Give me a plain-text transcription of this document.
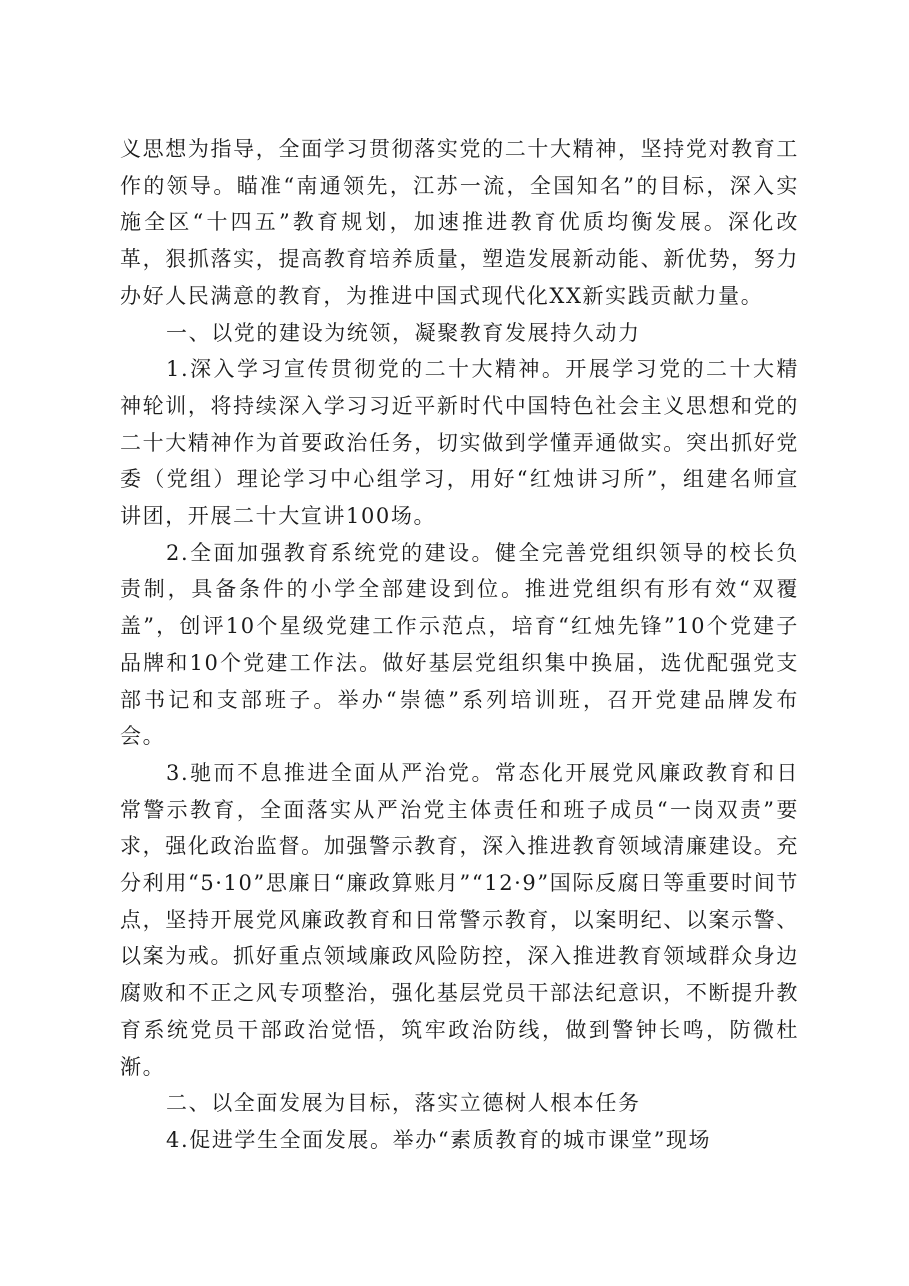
义思想为指导，全面学习贯彻落实党的二十大精神，坚持党对教育工作的领导。瞄准“南通领先，江苏一流，全国知名”的目标，深入实施全区“十四五”教育规划，加速推进教育优质均衡发展。深化改革，狠抓落实，提高教育培养质量，塑造发展新动能、新优势，努力办好人民满意的教育，为推进中国式现代化XX新实践贡献力量。

一、以党的建设为统领，凝聚教育发展持久动力

1.深入学习宣传贯彻党的二十大精神。开展学习党的二十大精神轮训，将持续深入学习习近平新时代中国特色社会主义思想和党的二十大精神作为首要政治任务，切实做到学懂弄通做实。突出抓好党委（党组）理论学习中心组学习，用好“红烛讲习所”，组建名师宣讲团，开展二十大宣讲100场。

2.全面加强教育系统党的建设。健全完善党组织领导的校长负责制，具备条件的小学全部建设到位。推进党组织有形有效“双覆盖”，创评10个星级党建工作示范点，培育“红烛先锋”10个党建子品牌和10个党建工作法。做好基层党组织集中换届，选优配强党支部书记和支部班子。举办“崇德”系列培训班，召开党建品牌发布会。

3.驰而不息推进全面从严治党。常态化开展党风廉政教育和日常警示教育，全面落实从严治党主体责任和班子成员“一岗双责”要求，强化政治监督。加强警示教育，深入推进教育领域清廉建设。充分利用“5·10”思廉日“廉政算账月”“12·9”国际反腐日等重要时间节点，坚持开展党风廉政教育和日常警示教育，以案明纪、以案示警、以案为戒。抓好重点领域廉政风险防控，深入推进教育领域群众身边腐败和不正之风专项整治，强化基层党员干部法纪意识，不断提升教育系统党员干部政治觉悟，筑牢政治防线，做到警钟长鸣，防微杜渐。

二、以全面发展为目标，落实立德树人根本任务

4.促进学生全面发展。举办“素质教育的城市课堂”现场
